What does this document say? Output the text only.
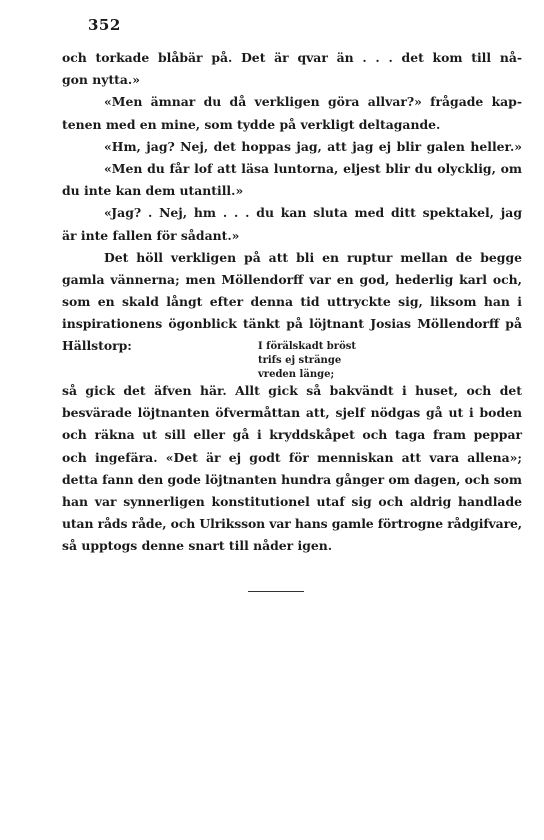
352
och torkade blåbär på. Det är qvar än . . . det kom till nå-
gon nytta.»
«Men ämnar du då verkligen göra allvar?» frågade kap-
tenen med en mine, som tydde på verkligt deltagande.
«Hm, jag? Nej, det hoppas jag, att jag ej blir galen heller.»
«Men du får lof att läsa luntorna, eljest blir du olycklig, om
du inte kan dem utantill.»
«Jag? . Nej, hm . . . du kan sluta med ditt spektakel, jag
är inte fallen för sådant.»
Det höll verkligen på att bli en ruptur mellan de begge
gamla vännerna; men Möllendorff var en god, hederlig karl och,
som en skald långt efter denna tid uttryckte sig, liksom han i
inspirationens ögonblick tänkt på löjtnant Josias Möllendorff på
Hällstorp:	I förälskadt bröst
trifs ej stränge
vreden länge;
så gick det äfven här. Allt gick så bakvändt i huset, och det
besvärade löjtnanten öfvermåttan att, sjelf nödgas gå ut i boden
och räkna ut sill eller gå i kryddskåpet och taga fram peppar
och ingefära. «Det är ej godt för menniskan att vara allena»;
detta fann den gode löjtnanten hundra gånger om dagen, och som
han var synnerligen konstitutionel utaf sig och aldrig handlade
utan råds råde, och Ulriksson var hans gamle förtrogne rådgifvare,
så upptogs denne snart till nåder igen.
